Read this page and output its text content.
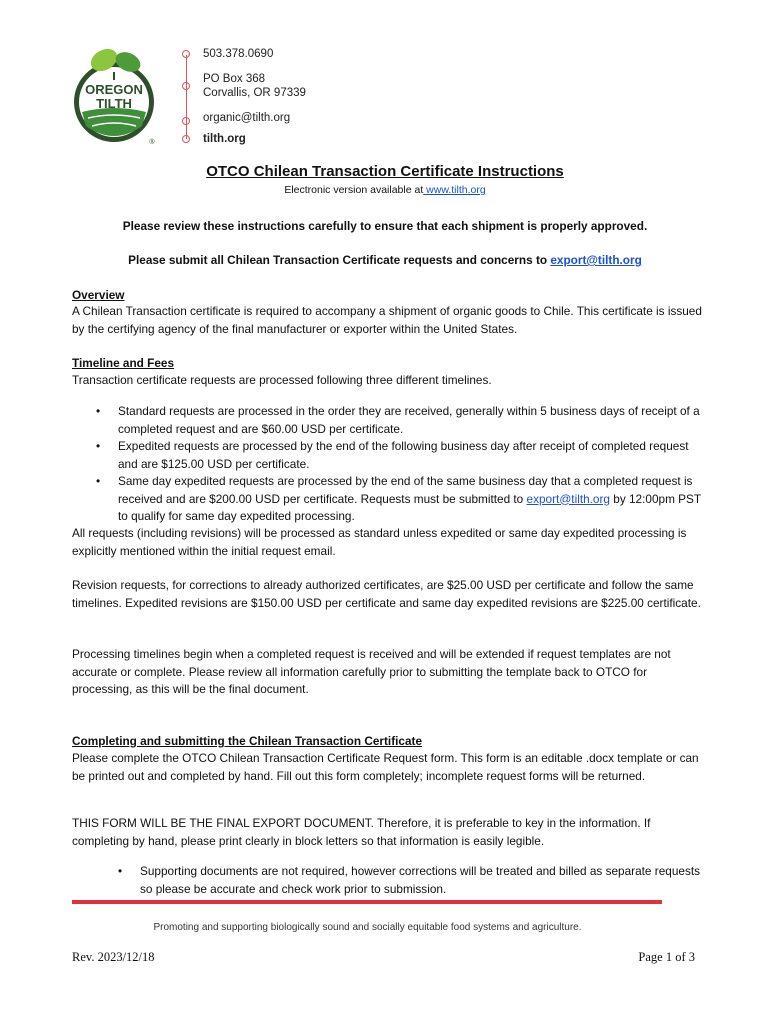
OREGON
TILTH
®
503.378.0690
PO Box 368
Corvallis, OR 97339
organic@tilth.org
tilth.org
OTCO Chilean Transaction Certificate Instructions
Electronic version available at www.tilth.org
Please review these instructions carefully to ensure that each shipment is properly approved.
Please submit all Chilean Transaction Certificate requests and concerns to export@tilth.org
Overview
A Chilean Transaction certificate is required to accompany a shipment of organic goods to Chile. This certificate is issued by the certifying agency of the final manufacturer or exporter within the United States.
Timeline and Fees
Transaction certificate requests are processed following three different timelines.
• Standard requests are processed in the order they are received, generally within 5 business days of receipt of a completed request and are $60.00 USD per certificate.
• Expedited requests are processed by the end of the following business day after receipt of completed request and are $125.00 USD per certificate.
• Same day expedited requests are processed by the end of the same business day that a completed request is received and are $200.00 USD per certificate. Requests must be submitted to export@tilth.org by 12:00pm PST to qualify for same day expedited processing.
All requests (including revisions) will be processed as standard unless expedited or same day expedited processing is explicitly mentioned within the initial request email.
Revision requests, for corrections to already authorized certificates, are $25.00 USD per certificate and follow the same timelines. Expedited revisions are $150.00 USD per certificate and same day expedited revisions are $225.00 certificate.
Processing timelines begin when a completed request is received and will be extended if request templates are not accurate or complete. Please review all information carefully prior to submitting the template back to OTCO for processing, as this will be the final document.
Completing and submitting the Chilean Transaction Certificate
Please complete the OTCO Chilean Transaction Certificate Request form. This form is an editable .docx template or can be printed out and completed by hand. Fill out this form completely; incomplete request forms will be returned.
THIS FORM WILL BE THE FINAL EXPORT DOCUMENT. Therefore, it is preferable to key in the information. If completing by hand, please print clearly in block letters so that information is easily legible.
• Supporting documents are not required, however corrections will be treated and billed as separate requests so please be accurate and check work prior to submission.
Promoting and supporting biologically sound and socially equitable food systems and agriculture.
Rev. 2023/12/18	Page 1 of 3
